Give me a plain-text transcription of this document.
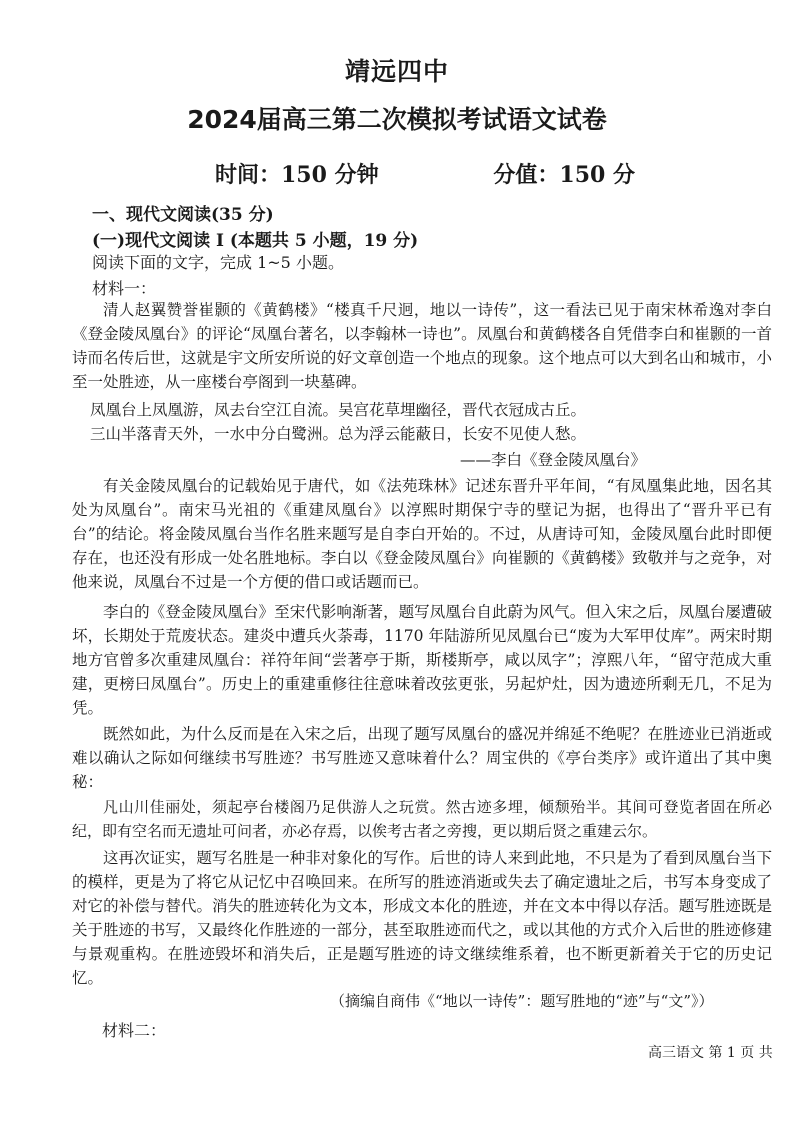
靖远四中
2024届高三第二次模拟考试语文试卷
时间：150 分钟	分值：150 分
一、现代文阅读(35 分)
(一)现代文阅读 I (本题共 5 小题，19 分)
阅读下面的文字，完成 1~5 小题。
材料一：

清人赵翼赞誉崔颢的《黄鹤楼》“楼真千尺迥，地以一诗传”，这一看法已见于南宋林希逸对李白《登金陵凤凰台》的评论“凤凰台著名，以李翰林一诗也”。凤凰台和黄鹤楼各自凭借李白和崔颢的一首诗而名传后世，这就是宇文所安所说的好文章创造一个地点的现象。这个地点可以大到名山和城市，小至一处胜迹，从一座楼台亭阁到一块墓碑。

凤凰台上凤凰游，凤去台空江自流。吴宫花草埋幽径，晋代衣冠成古丘。
三山半落青天外，一水中分白鹭洲。总为浮云能蔽日，长安不见使人愁。
——李白《登金陵凤凰台》

有关金陵凤凰台的记载始见于唐代，如《法苑珠林》记述东晋升平年间，“有凤凰集此地，因名其处为凤凰台”。南宋马光祖的《重建凤凰台》以淳熙时期保宁寺的壁记为据，也得出了“晋升平已有台”的结论。将金陵凤凰台当作名胜来题写是自李白开始的。不过，从唐诗可知，金陵凤凰台此时即便存在，也还没有形成一处名胜地标。李白以《登金陵凤凰台》向崔颢的《黄鹤楼》致敬并与之竞争，对他来说，凤凰台不过是一个方便的借口或话题而已。

李白的《登金陵凤凰台》至宋代影响渐著，题写凤凰台自此蔚为风气。但入宋之后，凤凰台屡遭破坏，长期处于荒废状态。建炎中遭兵火荼毒，1170 年陆游所见凤凰台已“废为大军甲仗库”。两宋时期地方官曾多次重建凤凰台：祥符年间“尝著亭于斯，斯楼斯亭，咸以凤字”；淳熙八年，“留守范成大重建，更榜曰凤凰台”。历史上的重建重修往往意味着改弦更张，另起炉灶，因为遗迹所剩无几，不足为凭。

既然如此，为什么反而是在入宋之后，出现了题写凤凰台的盛况并绵延不绝呢？在胜迹业已消逝或难以确认之际如何继续书写胜迹？书写胜迹又意味着什么？周宝供的《亭台类序》或许道出了其中奥秘：

凡山川佳丽处，须起亭台楼阁乃足供游人之玩赏。然古迹多埋，倾颓殆半。其间可登览者固在所必纪，即有空名而无遗址可问者，亦必存焉，以俟考古者之旁搜，更以期后贤之重建云尔。

这再次证实，题写名胜是一种非对象化的写作。后世的诗人来到此地，不只是为了看到凤凰台当下的模样，更是为了将它从记忆中召唤回来。在所写的胜迹消逝或失去了确定遗址之后，书写本身变成了对它的补偿与替代。消失的胜迹转化为文本，形成文本化的胜迹，并在文本中得以存活。题写胜迹既是关于胜迹的书写，又最终化作胜迹的一部分，甚至取胜迹而代之，或以其他的方式介入后世的胜迹修建与景观重构。在胜迹毁坏和消失后，正是题写胜迹的诗文继续维系着，也不断更新着关于它的历史记忆。

（摘编自商伟《“地以一诗传”：题写胜地的“迹”与“文”》）
材料二：
高三语文 第 1 页 共
